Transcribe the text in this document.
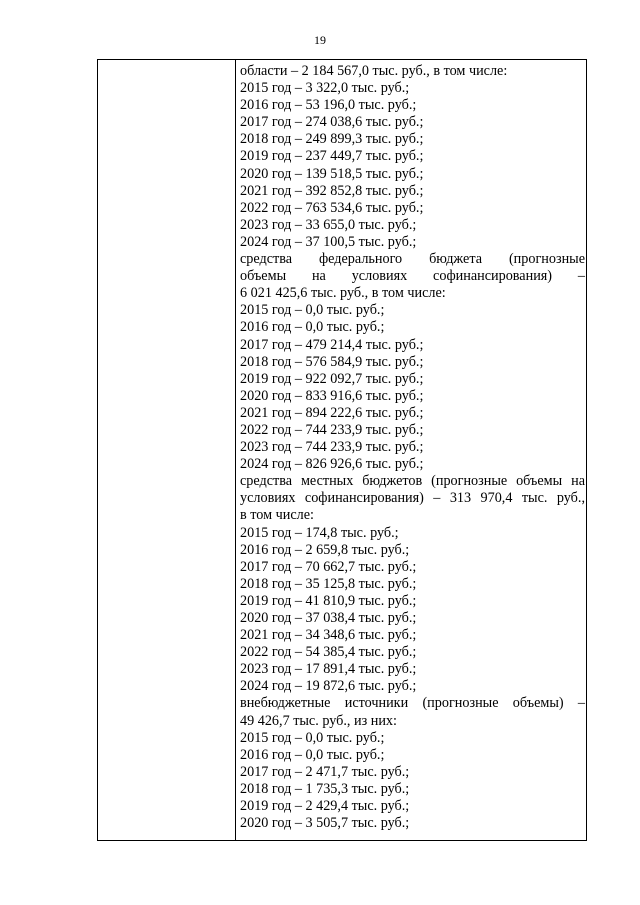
19
области – 2 184 567,0 тыс. руб., в том числе:
2015 год – 3 322,0 тыс. руб.;
2016 год – 53 196,0 тыс. руб.;
2017 год – 274 038,6 тыс. руб.;
2018 год – 249 899,3 тыс. руб.;
2019 год – 237 449,7 тыс. руб.;
2020 год – 139 518,5 тыс. руб.;
2021 год – 392 852,8 тыс. руб.;
2022 год – 763 534,6 тыс. руб.;
2023 год – 33 655,0 тыс. руб.;
2024 год – 37 100,5 тыс. руб.;
средства федерального бюджета (прогнозные
объемы на условиях софинансирования) –
6 021 425,6 тыс. руб., в том числе:
2015 год – 0,0 тыс. руб.;
2016 год – 0,0 тыс. руб.;
2017 год – 479 214,4 тыс. руб.;
2018 год – 576 584,9 тыс. руб.;
2019 год – 922 092,7 тыс. руб.;
2020 год – 833 916,6 тыс. руб.;
2021 год – 894 222,6 тыс. руб.;
2022 год – 744 233,9 тыс. руб.;
2023 год – 744 233,9 тыс. руб.;
2024 год – 826 926,6 тыс. руб.;
средства местных бюджетов (прогнозные объемы на
условиях софинансирования) – 313 970,4 тыс. руб.,
в том числе:
2015 год – 174,8 тыс. руб.;
2016 год – 2 659,8 тыс. руб.;
2017 год – 70 662,7 тыс. руб.;
2018 год – 35 125,8 тыс. руб.;
2019 год – 41 810,9 тыс. руб.;
2020 год – 37 038,4 тыс. руб.;
2021 год – 34 348,6 тыс. руб.;
2022 год – 54 385,4 тыс. руб.;
2023 год – 17 891,4 тыс. руб.;
2024 год – 19 872,6 тыс. руб.;
внебюджетные источники (прогнозные объемы) –
49 426,7 тыс. руб., из них:
2015 год – 0,0 тыс. руб.;
2016 год – 0,0 тыс. руб.;
2017 год – 2 471,7 тыс. руб.;
2018 год – 1 735,3 тыс. руб.;
2019 год – 2 429,4 тыс. руб.;
2020 год – 3 505,7 тыс. руб.;
